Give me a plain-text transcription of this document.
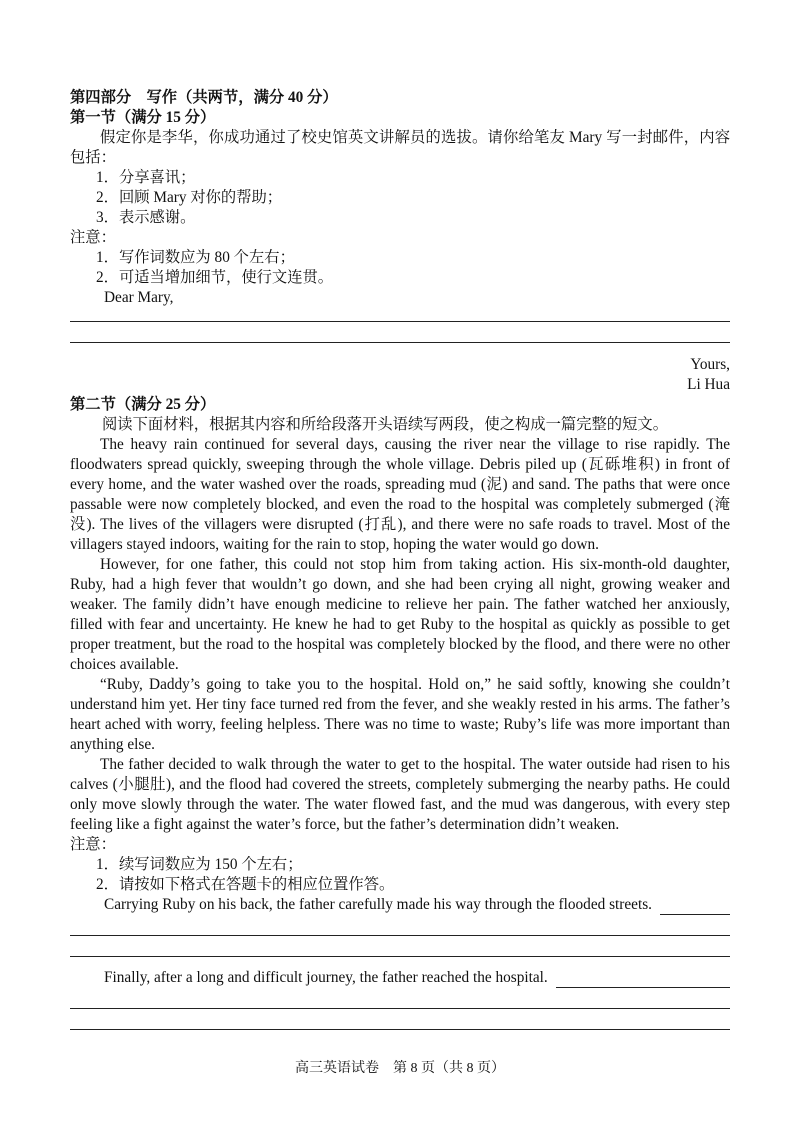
第四部分　写作（共两节，满分 40 分）
第一节（满分 15 分）
假定你是李华，你成功通过了校史馆英文讲解员的选拔。请你给笔友 Mary 写一封邮件，内容包括：
1．分享喜讯；
2．回顾 Mary 对你的帮助；
3．表示感谢。
注意：
1．写作词数应为 80 个左右；
2．可适当增加细节，使行文连贯。
Dear Mary,
Yours,
Li Hua
第二节（满分 25 分）
阅读下面材料，根据其内容和所给段落开头语续写两段，使之构成一篇完整的短文。
The heavy rain continued for several days, causing the river near the village to rise rapidly. The floodwaters spread quickly, sweeping through the whole village. Debris piled up (瓦砾堆积) in front of every home, and the water washed over the roads, spreading mud (泥) and sand. The paths that were once passable were now completely blocked, and even the road to the hospital was completely submerged (淹没). The lives of the villagers were disrupted (打乱), and there were no safe roads to travel. Most of the villagers stayed indoors, waiting for the rain to stop, hoping the water would go down.
However, for one father, this could not stop him from taking action. His six-month-old daughter, Ruby, had a high fever that wouldn’t go down, and she had been crying all night, growing weaker and weaker. The family didn’t have enough medicine to relieve her pain. The father watched her anxiously, filled with fear and uncertainty. He knew he had to get Ruby to the hospital as quickly as possible to get proper treatment, but the road to the hospital was completely blocked by the flood, and there were no other choices available.
“Ruby, Daddy’s going to take you to the hospital. Hold on,” he said softly, knowing she couldn’t understand him yet. Her tiny face turned red from the fever, and she weakly rested in his arms. The father’s heart ached with worry, feeling helpless. There was no time to waste; Ruby’s life was more important than anything else.
The father decided to walk through the water to get to the hospital. The water outside had risen to his calves (小腿肚), and the flood had covered the streets, completely submerging the nearby paths. He could only move slowly through the water. The water flowed fast, and the mud was dangerous, with every step feeling like a fight against the water’s force, but the father’s determination didn’t weaken.
注意：
1．续写词数应为 150 个左右；
2．请按如下格式在答题卡的相应位置作答。
Carrying Ruby on his back, the father carefully made his way through the flooded streets.
Finally, after a long and difficult journey, the father reached the hospital.
高三英语试卷　第 8 页（共 8 页）
